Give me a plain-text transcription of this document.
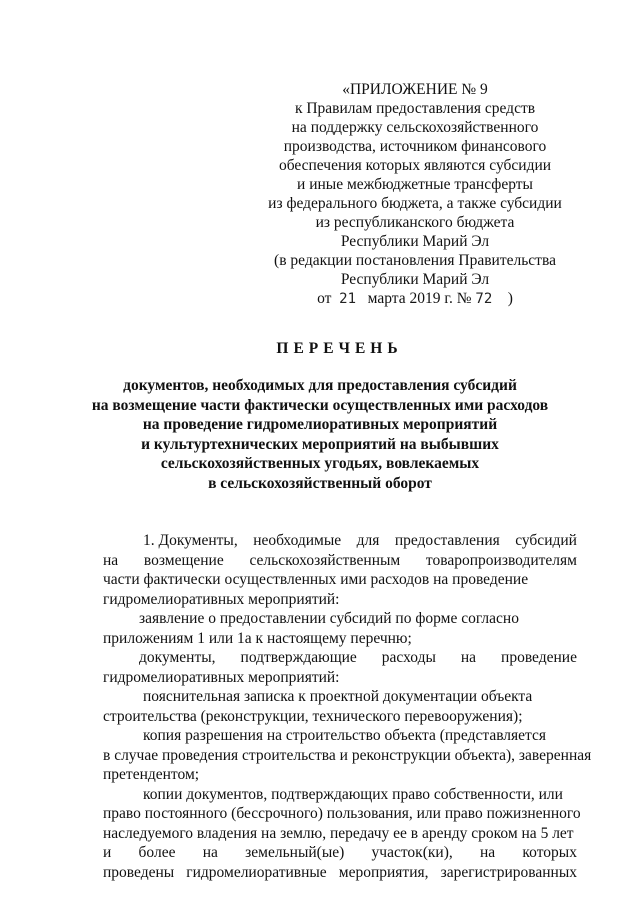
«ПРИЛОЖЕНИЕ № 9
к Правилам предоставления средств
на поддержку сельскохозяйственного
производства, источником финансового
обеспечения которых являются субсидии
и иные межбюджетные трансферты
из федерального бюджета, а также субсидии
из республиканского бюджета
Республики Марий Эл
(в редакции постановления Правительства
Республики Марий Эл
от 21 марта 2019 г. № 72 )
ПЕРЕЧЕНЬ
документов, необходимых для предоставления субсидий
на возмещение части фактически осуществленных ими расходов
на проведение гидромелиоративных мероприятий
и культуртехнических мероприятий на выбывших
сельскохозяйственных угодьях, вовлекаемых
в сельскохозяйственный оборот
1. Документы, необходимые для предоставления субсидий
на возмещение сельскохозяйственным товаропроизводителям
части фактически осуществленных ими расходов на проведение
гидромелиоративных мероприятий:
заявление о предоставлении субсидий по форме согласно
приложениям 1 или 1а к настоящему перечню;
документы, подтверждающие расходы на проведение
гидромелиоративных мероприятий:
пояснительная записка к проектной документации объекта
строительства (реконструкции, технического перевооружения);
копия разрешения на строительство объекта (представляется
в случае проведения строительства и реконструкции объекта), заверенная
претендентом;
копии документов, подтверждающих право собственности, или
право постоянного (бессрочного) пользования, или право пожизненного
наследуемого владения на землю, передачу ее в аренду сроком на 5 лет
и более на земельный(ые) участок(ки), на которых
проведены гидромелиоративные мероприятия, зарегистрированных
